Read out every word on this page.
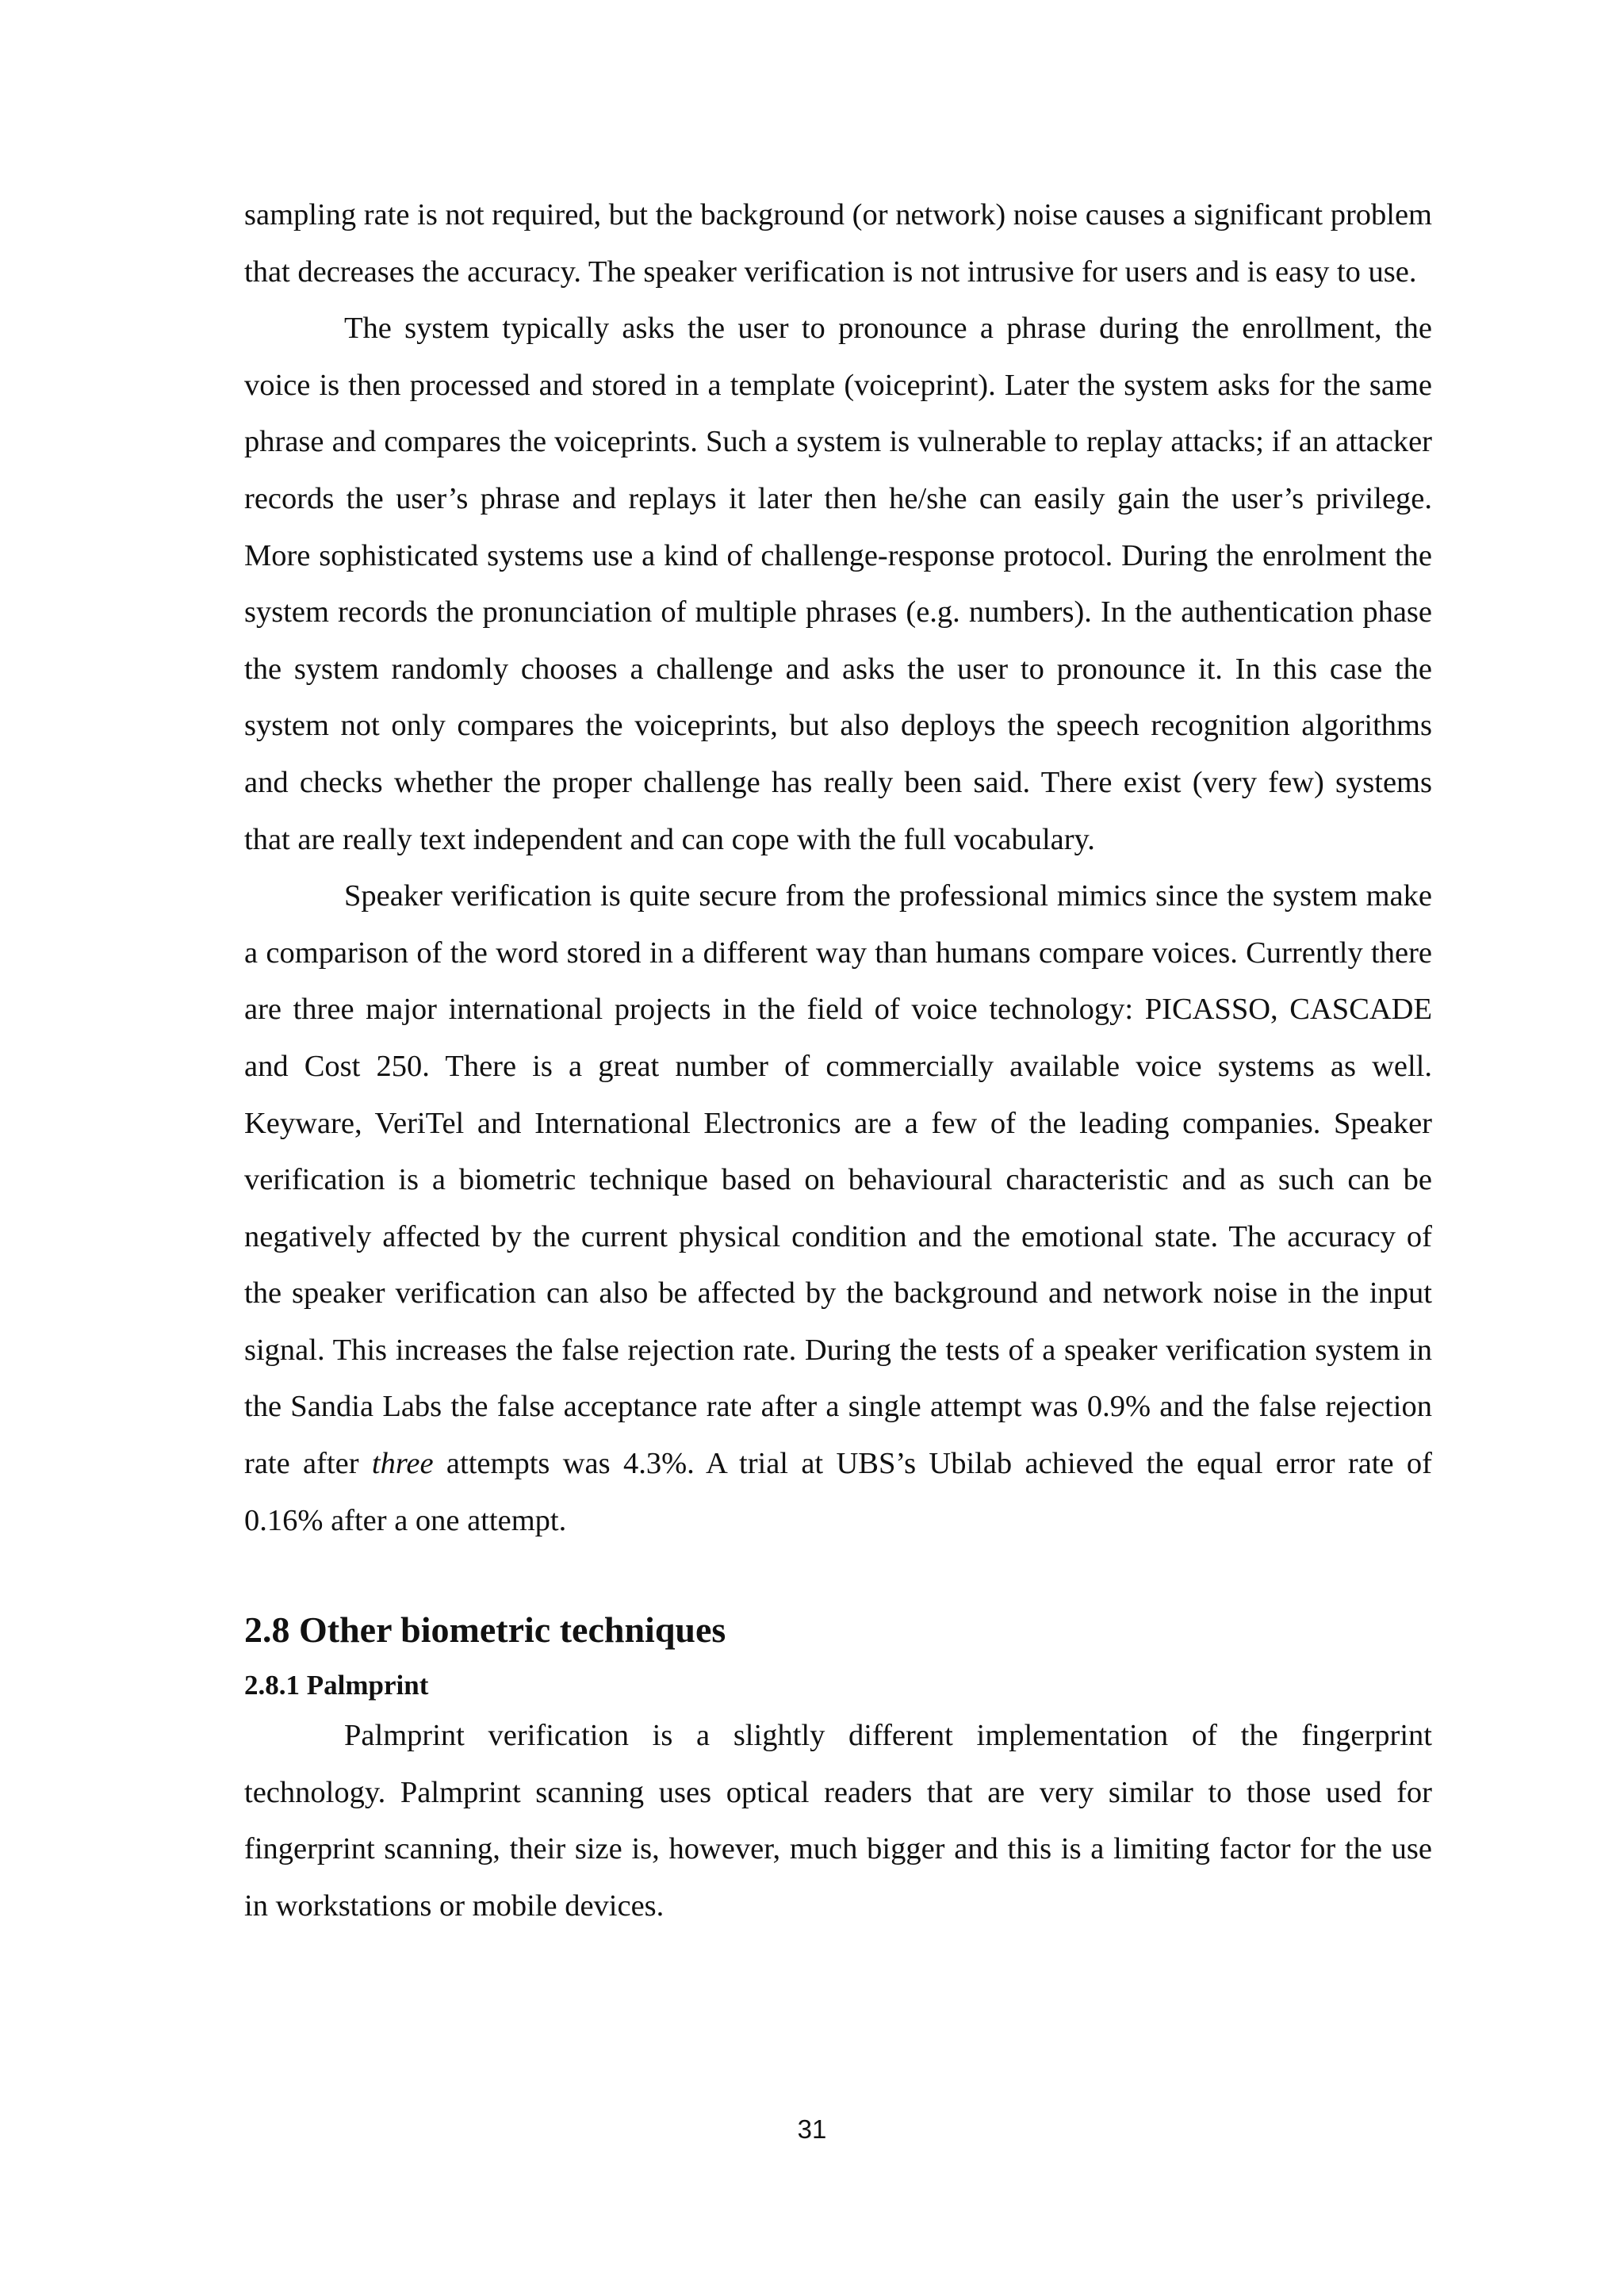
sampling rate is not required, but the background (or network) noise causes a significant problem that decreases the accuracy. The speaker verification is not intrusive for users and is easy to use.

The system typically asks the user to pronounce a phrase during the enrollment, the voice is then processed and stored in a template (voiceprint). Later the system asks for the same phrase and compares the voiceprints. Such a system is vulnerable to replay attacks; if an attacker records the user’s phrase and replays it later then he/she can easily gain the user’s privilege. More sophisticated systems use a kind of challenge-response protocol. During the enrolment the system records the pronunciation of multiple phrases (e.g. numbers). In the authentication phase the system randomly chooses a challenge and asks the user to pronounce it. In this case the system not only compares the voiceprints, but also deploys the speech recognition algorithms and checks whether the proper challenge has really been said. There exist (very few) systems that are really text independent and can cope with the full vocabulary.

Speaker verification is quite secure from the professional mimics since the system make a comparison of the word stored in a different way than humans compare voices. Currently there are three major international projects in the field of voice technology: PICASSO, CASCADE and Cost 250. There is a great number of commercially available voice systems as well. Keyware, VeriTel and International Electronics are a few of the leading companies. Speaker verification is a biometric technique based on behavioural characteristic and as such can be negatively affected by the current physical condition and the emotional state. The accuracy of the speaker verification can also be affected by the background and network noise in the input signal. This increases the false rejection rate. During the tests of a speaker verification system in the Sandia Labs the false acceptance rate after a single attempt was 0.9% and the false rejection rate after three attempts was 4.3%. A trial at UBS’s Ubilab achieved the equal error rate of 0.16% after a one attempt.

2.8 Other biometric techniques
2.8.1 Palmprint

Palmprint verification is a slightly different implementation of the fingerprint technology. Palmprint scanning uses optical readers that are very similar to those used for fingerprint scanning, their size is, however, much bigger and this is a limiting factor for the use in workstations or mobile devices.

31
